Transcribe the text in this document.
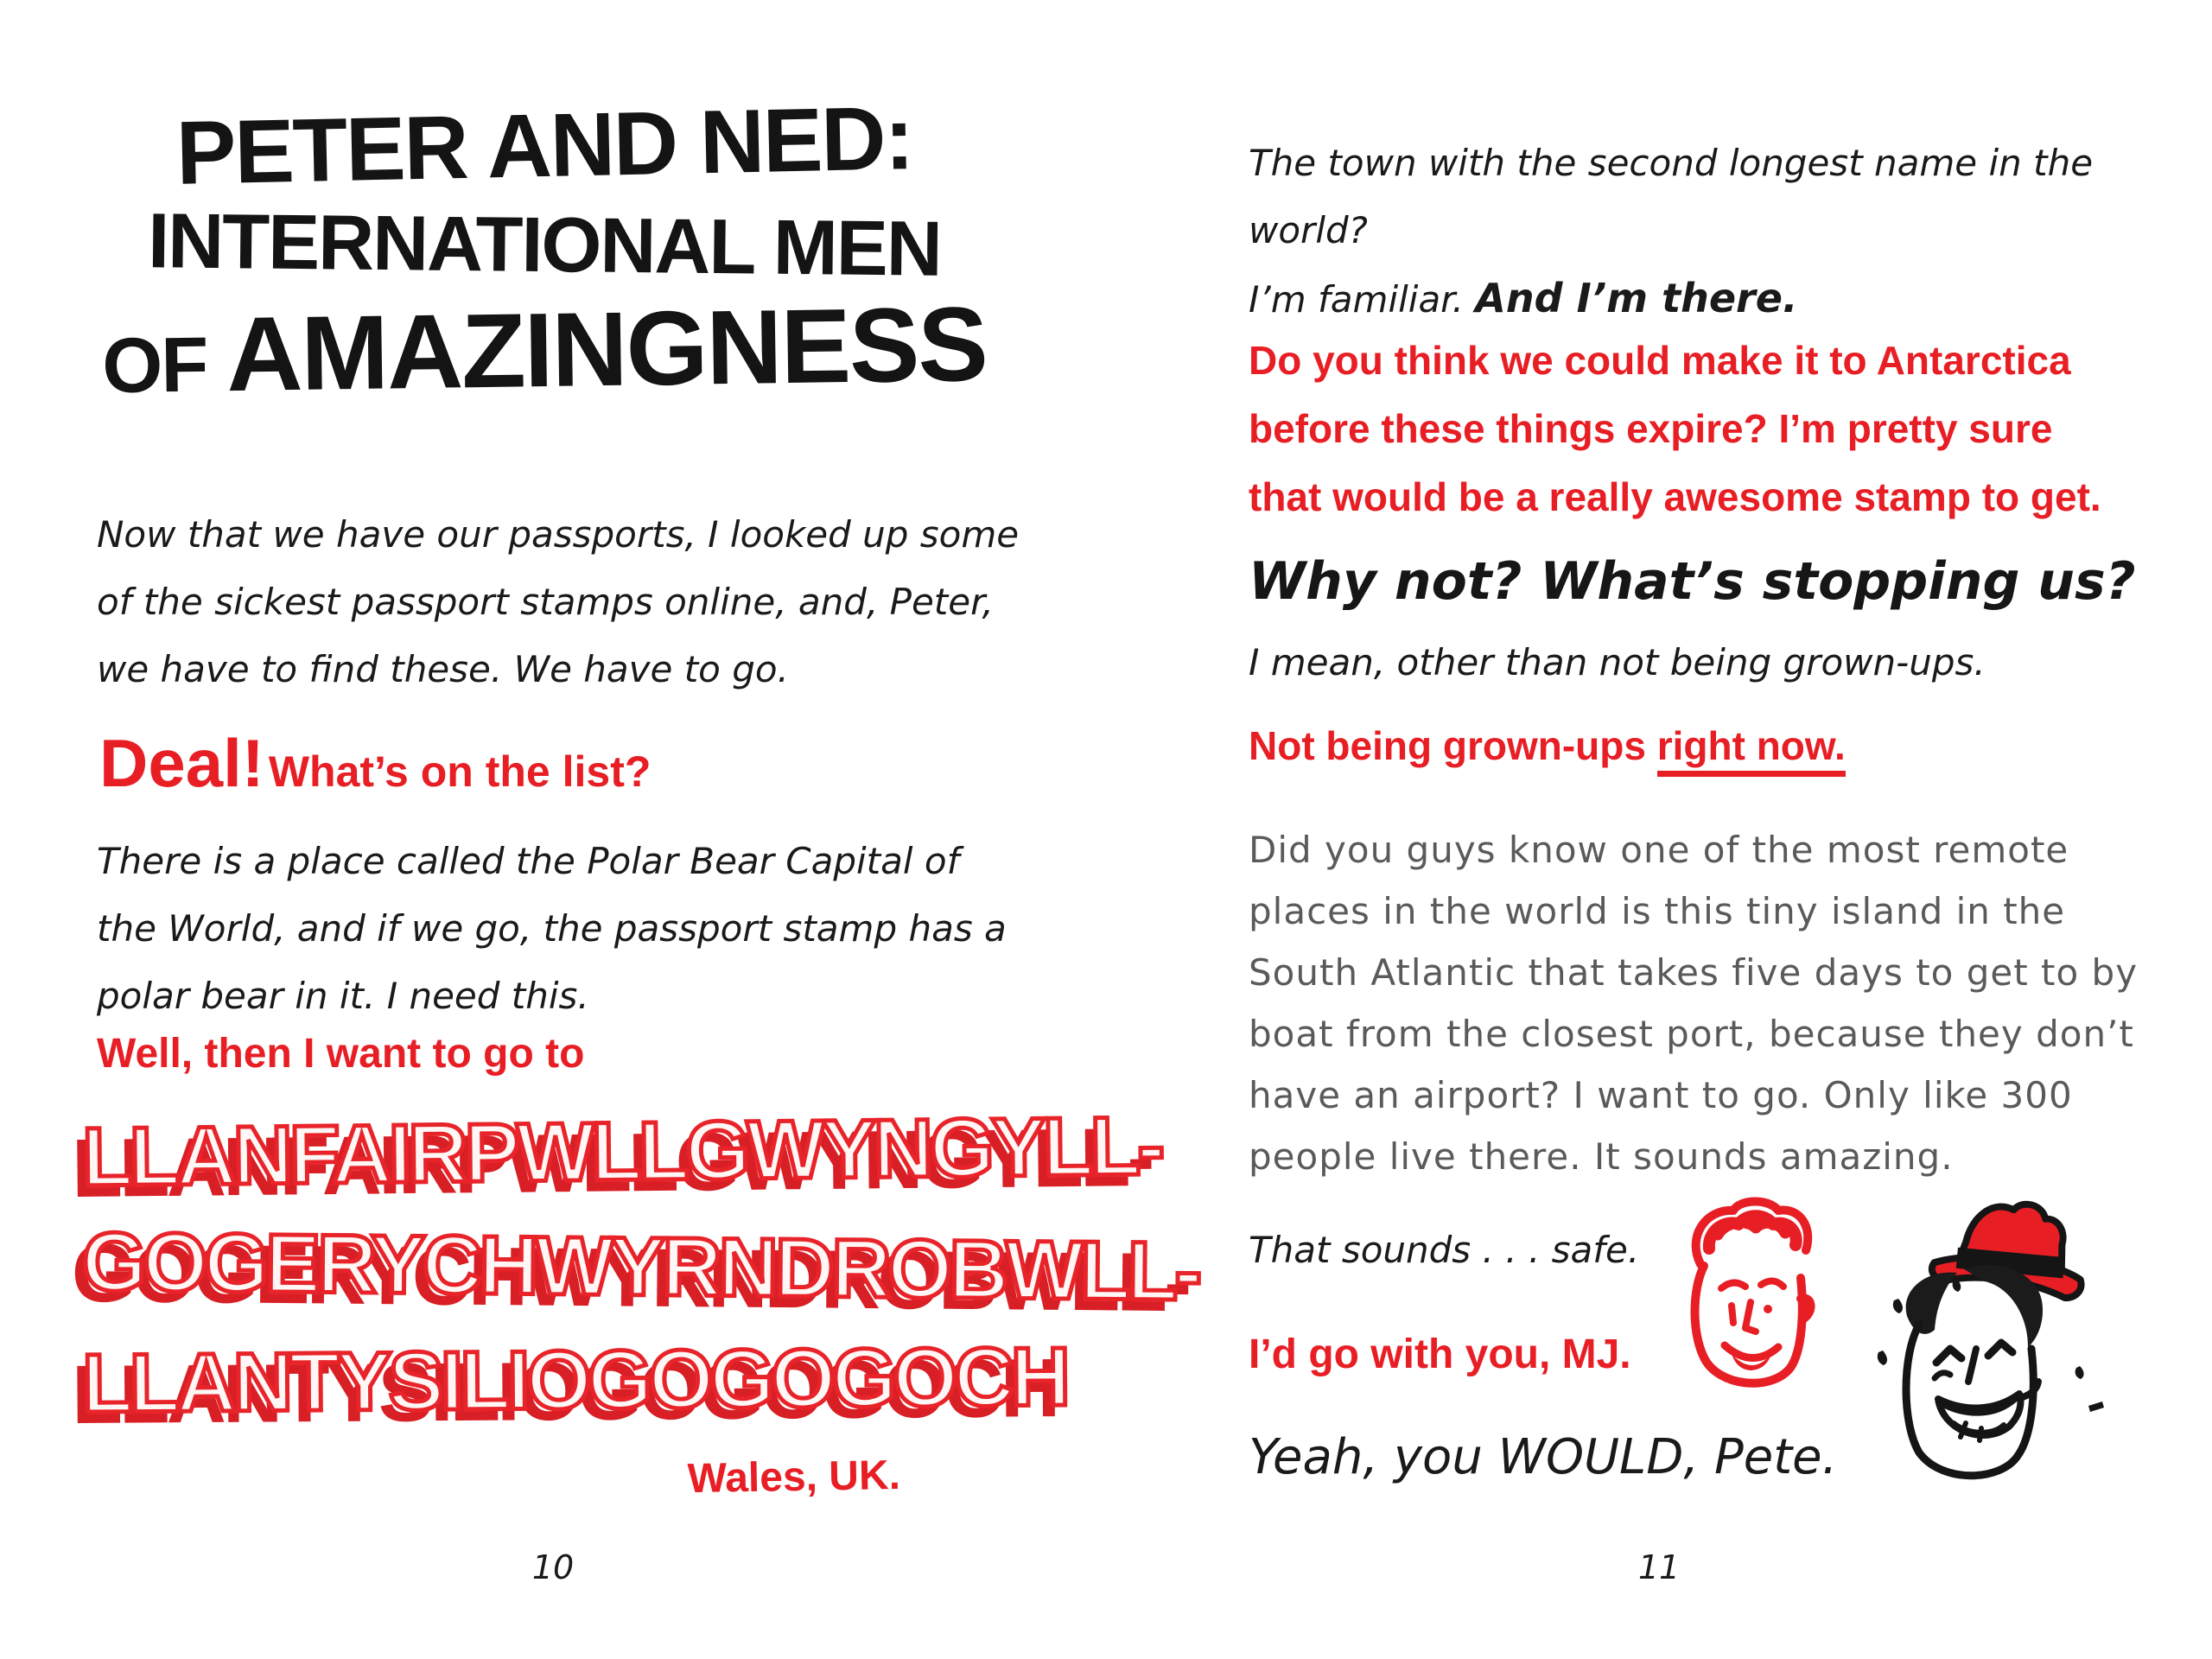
PETER AND NED:
INTERNATIONAL MEN
OF AMAZINGNESS
Now that we have our passports, I looked up some of the sickest passport stamps online, and, Peter, we have to find these. We have to go.
Deal! What’s on the list?
There is a place called the Polar Bear Capital of the World, and if we go, the passport stamp has a polar bear in it. I need this.
Well, then I want to go to
LLANFAIRPWLLGWYNGYLL-
GOGERYCHWYRNDROBWLL-
LLANTYSILIOGOGOGOCH
Wales, UK.
10
The town with the second longest name in the world?
I’m familiar. And I’m there.
Do you think we could make it to Antarctica before these things expire? I’m pretty sure that would be a really awesome stamp to get.
Why not? What’s stopping us?
I mean, other than not being grown-ups.
Not being grown-ups right now.
Did you guys know one of the most remote places in the world is this tiny island in the South Atlantic that takes five days to get to by boat from the closest port, because they don’t have an airport? I want to go. Only like 300 people live there. It sounds amazing.
That sounds . . . safe.
I’d go with you, MJ.
Yeah, you WOULD, Pete.
11
